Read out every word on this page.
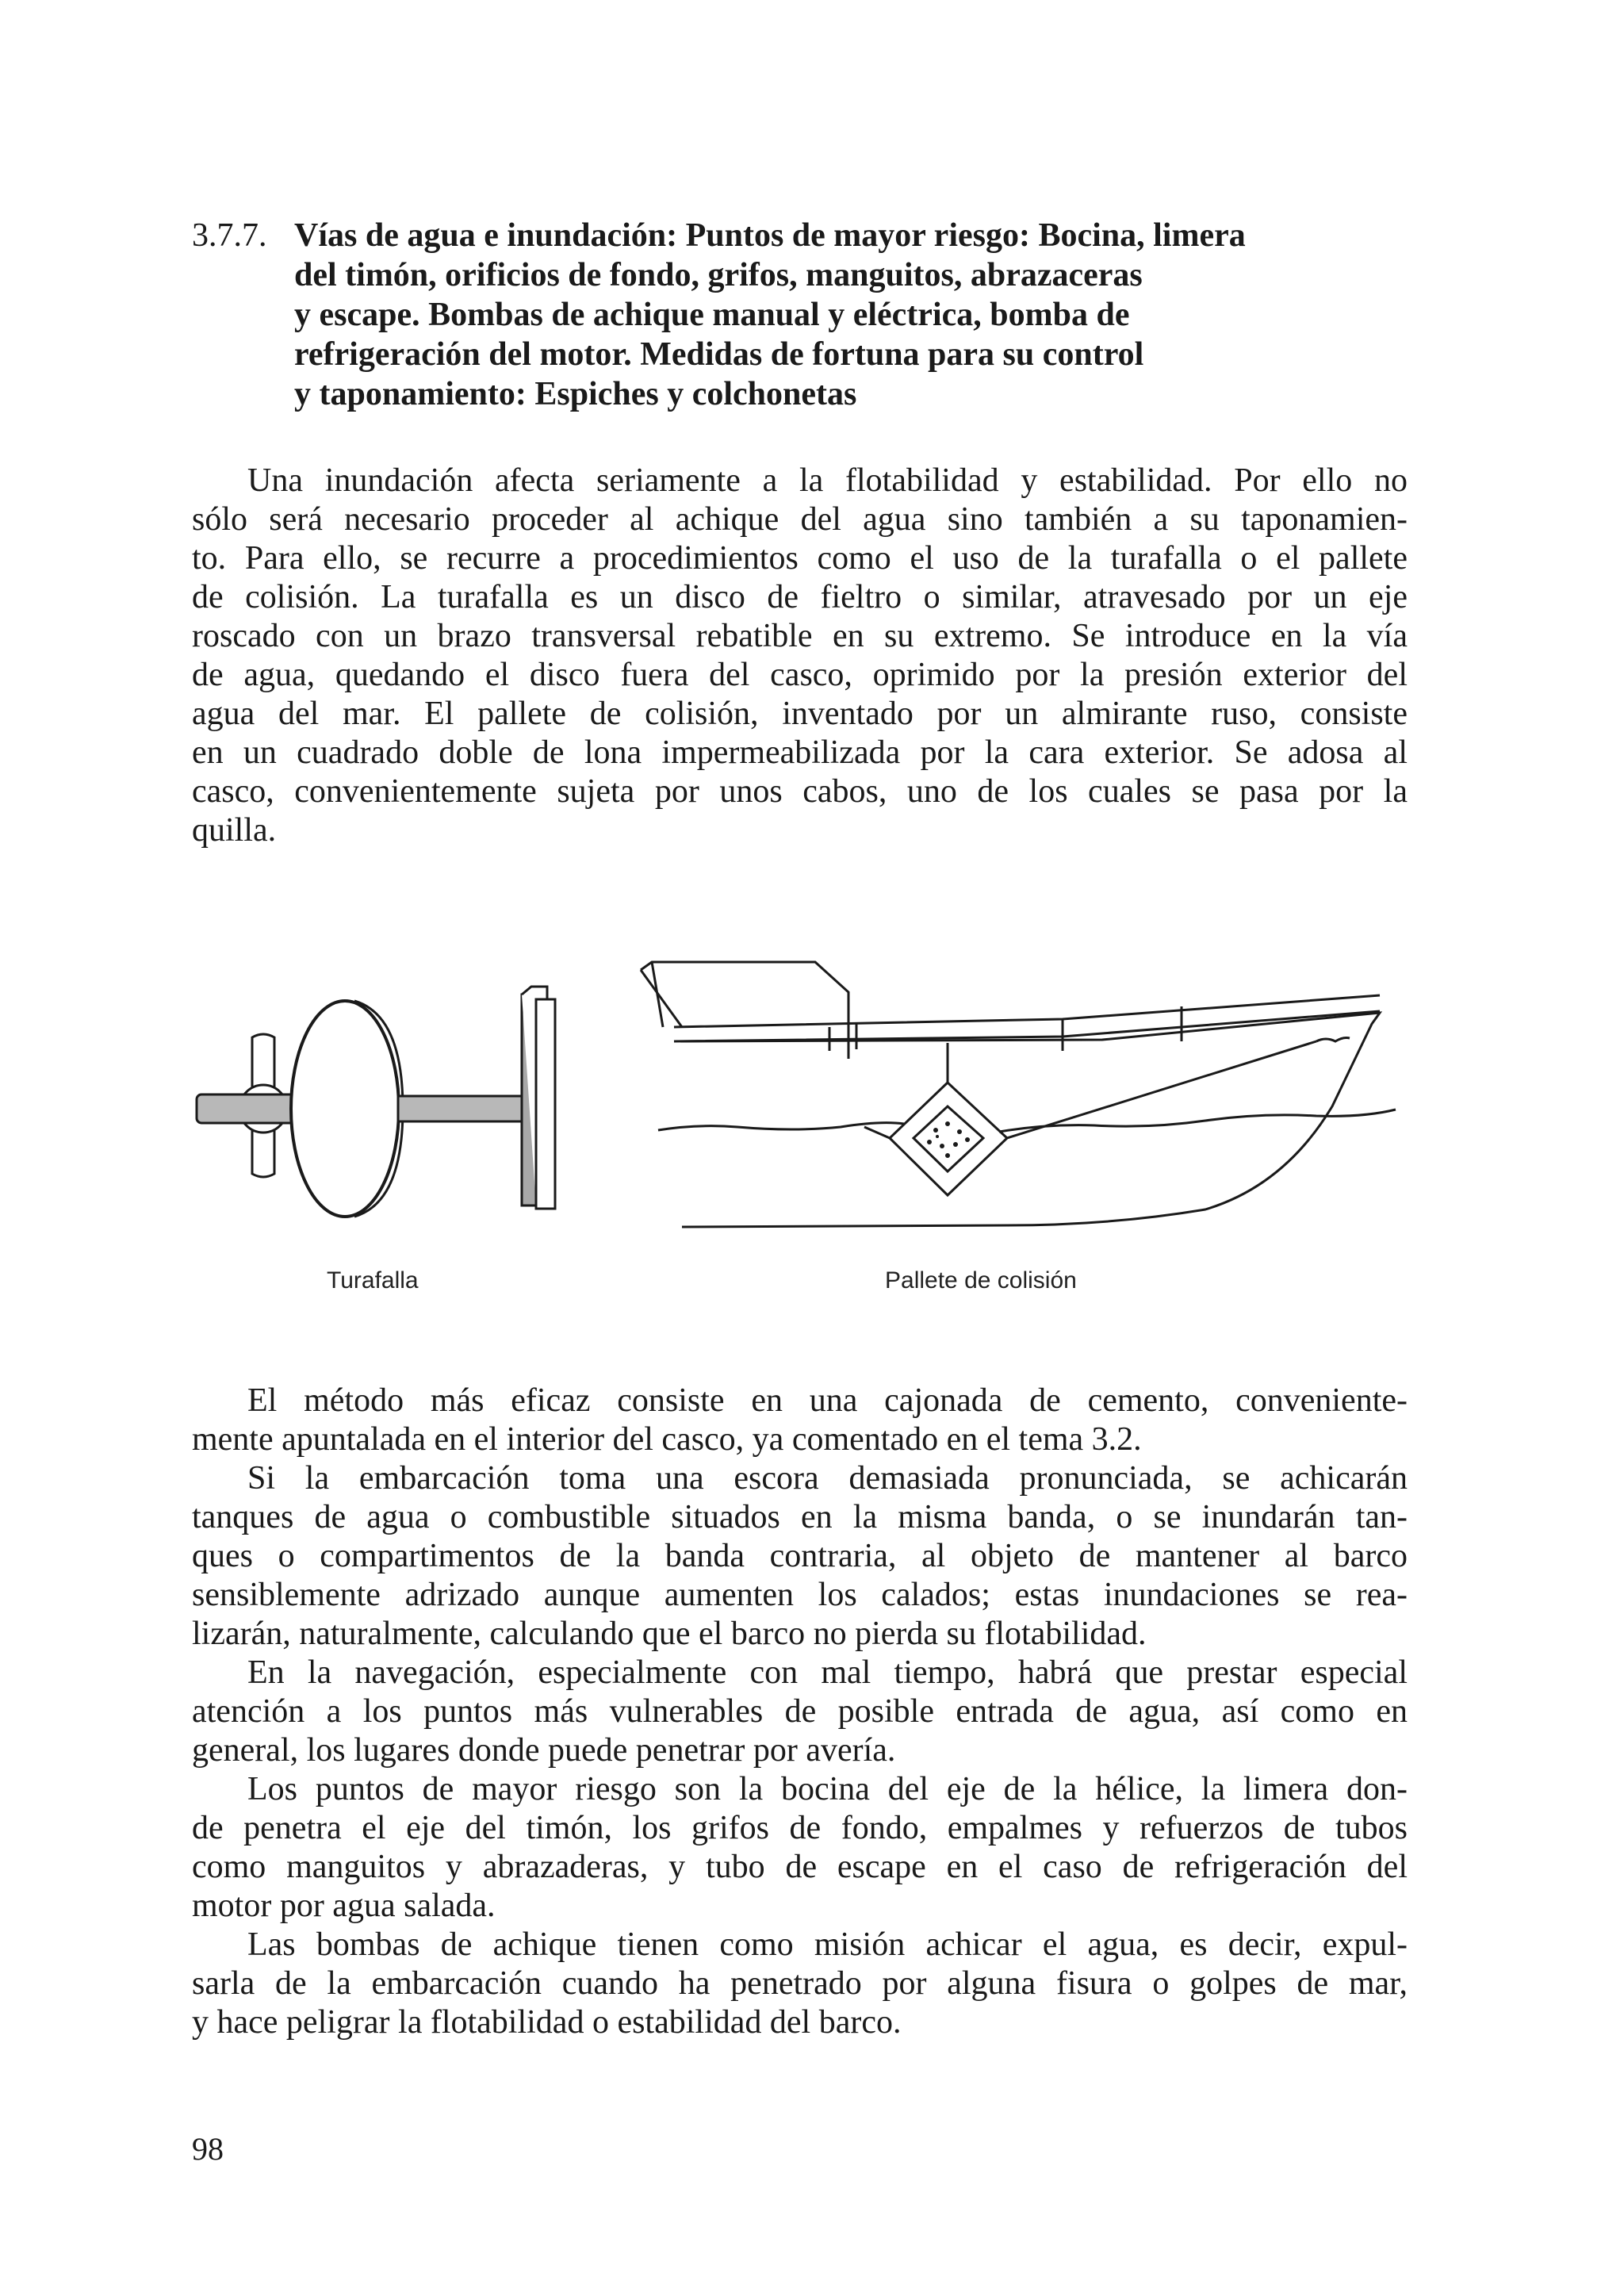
3.7.7. Vías de agua e inundación: Puntos de mayor riesgo: Bocina, limera
del timón, orificios de fondo, grifos, manguitos, abrazaceras
y escape. Bombas de achique manual y eléctrica, bomba de
refrigeración del motor. Medidas de fortuna para su control
y taponamiento: Espiches y colchonetas
Una inundación afecta seriamente a la flotabilidad y estabilidad. Por ello no
sólo será necesario proceder al achique del agua sino también a su taponamien-
to. Para ello, se recurre a procedimientos como el uso de la turafalla o el pallete
de colisión. La turafalla es un disco de fieltro o similar, atravesado por un eje
roscado con un brazo transversal rebatible en su extremo. Se introduce en la vía
de agua, quedando el disco fuera del casco, oprimido por la presión exterior del
agua del mar. El pallete de colisión, inventado por un almirante ruso, consiste
en un cuadrado doble de lona impermeabilizada por la cara exterior. Se adosa al
casco, convenientemente sujeta por unos cabos, uno de los cuales se pasa por la
quilla.
Turafalla	Pallete de colisión
El método más eficaz consiste en una cajonada de cemento, conveniente-
mente apuntalada en el interior del casco, ya comentado en el tema 3.2.
Si la embarcación toma una escora demasiada pronunciada, se achicarán
tanques de agua o combustible situados en la misma banda, o se inundarán tan-
ques o compartimentos de la banda contraria, al objeto de mantener al barco
sensiblemente adrizado aunque aumenten los calados; estas inundaciones se rea-
lizarán, naturalmente, calculando que el barco no pierda su flotabilidad.
En la navegación, especialmente con mal tiempo, habrá que prestar especial
atención a los puntos más vulnerables de posible entrada de agua, así como en
general, los lugares donde puede penetrar por avería.
Los puntos de mayor riesgo son la bocina del eje de la hélice, la limera don-
de penetra el eje del timón, los grifos de fondo, empalmes y refuerzos de tubos
como manguitos y abrazaderas, y tubo de escape en el caso de refrigeración del
motor por agua salada.
Las bombas de achique tienen como misión achicar el agua, es decir, expul-
sarla de la embarcación cuando ha penetrado por alguna fisura o golpes de mar,
y hace peligrar la flotabilidad o estabilidad del barco.
98
